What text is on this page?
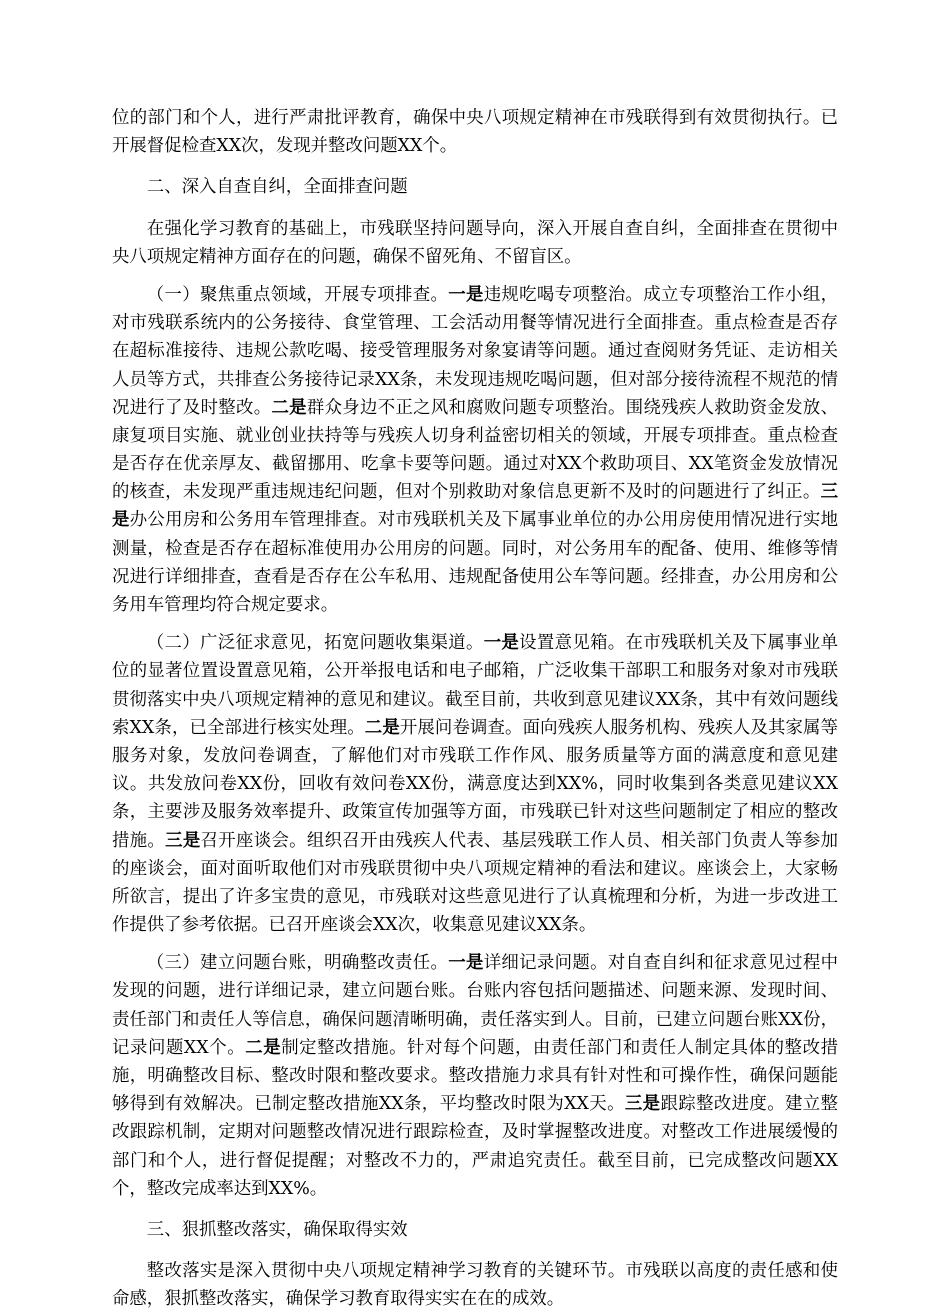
位的部门和个人，进行严肃批评教育，确保中央八项规定精神在市残联得到有效贯彻执行。已开展督促检查XX次，发现并整改问题XX个。

二、深入自查自纠，全面排查问题

在强化学习教育的基础上，市残联坚持问题导向，深入开展自查自纠，全面排查在贯彻中央八项规定精神方面存在的问题，确保不留死角、不留盲区。

（一）聚焦重点领域，开展专项排查。一是违规吃喝专项整治。成立专项整治工作小组，对市残联系统内的公务接待、食堂管理、工会活动用餐等情况进行全面排查。重点检查是否存在超标准接待、违规公款吃喝、接受管理服务对象宴请等问题。通过查阅财务凭证、走访相关人员等方式，共排查公务接待记录XX条，未发现违规吃喝问题，但对部分接待流程不规范的情况进行了及时整改。二是群众身边不正之风和腐败问题专项整治。围绕残疾人救助资金发放、康复项目实施、就业创业扶持等与残疾人切身利益密切相关的领域，开展专项排查。重点检查是否存在优亲厚友、截留挪用、吃拿卡要等问题。通过对XX个救助项目、XX笔资金发放情况的核查，未发现严重违规违纪问题，但对个别救助对象信息更新不及时的问题进行了纠正。三是办公用房和公务用车管理排查。对市残联机关及下属事业单位的办公用房使用情况进行实地测量，检查是否存在超标准使用办公用房的问题。同时，对公务用车的配备、使用、维修等情况进行详细排查，查看是否存在公车私用、违规配备使用公车等问题。经排查，办公用房和公务用车管理均符合规定要求。

（二）广泛征求意见，拓宽问题收集渠道。一是设置意见箱。在市残联机关及下属事业单位的显著位置设置意见箱，公开举报电话和电子邮箱，广泛收集干部职工和服务对象对市残联贯彻落实中央八项规定精神的意见和建议。截至目前，共收到意见建议XX条，其中有效问题线索XX条，已全部进行核实处理。二是开展问卷调查。面向残疾人服务机构、残疾人及其家属等服务对象，发放问卷调查，了解他们对市残联工作作风、服务质量等方面的满意度和意见建议。共发放问卷XX份，回收有效问卷XX份，满意度达到XX%，同时收集到各类意见建议XX条，主要涉及服务效率提升、政策宣传加强等方面，市残联已针对这些问题制定了相应的整改措施。三是召开座谈会。组织召开由残疾人代表、基层残联工作人员、相关部门负责人等参加的座谈会，面对面听取他们对市残联贯彻中央八项规定精神的看法和建议。座谈会上，大家畅所欲言，提出了许多宝贵的意见，市残联对这些意见进行了认真梳理和分析，为进一步改进工作提供了参考依据。已召开座谈会XX次，收集意见建议XX条。

（三）建立问题台账，明确整改责任。一是详细记录问题。对自查自纠和征求意见过程中发现的问题，进行详细记录，建立问题台账。台账内容包括问题描述、问题来源、发现时间、责任部门和责任人等信息，确保问题清晰明确，责任落实到人。目前，已建立问题台账XX份，记录问题XX个。二是制定整改措施。针对每个问题，由责任部门和责任人制定具体的整改措施，明确整改目标、整改时限和整改要求。整改措施力求具有针对性和可操作性，确保问题能够得到有效解决。已制定整改措施XX条，平均整改时限为XX天。三是跟踪整改进度。建立整改跟踪机制，定期对问题整改情况进行跟踪检查，及时掌握整改进度。对整改工作进展缓慢的部门和个人，进行督促提醒；对整改不力的，严肃追究责任。截至目前，已完成整改问题XX个，整改完成率达到XX%。

三、狠抓整改落实，确保取得实效

整改落实是深入贯彻中央八项规定精神学习教育的关键环节。市残联以高度的责任感和使命感，狠抓整改落实，确保学习教育取得实实在在的成效。
